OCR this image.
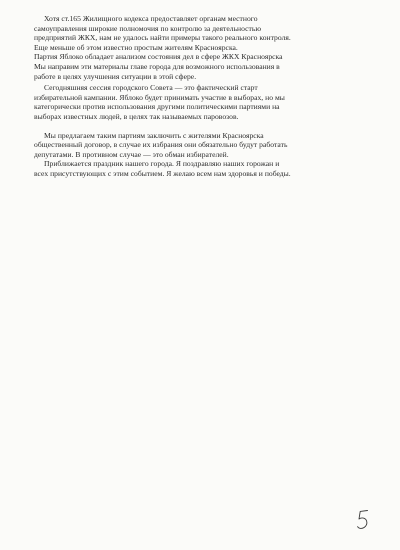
Хотя ст.165 Жилищного кодекса предоставляет органам местного
самоуправления широкие полномочия по контролю за деятельностью
предприятий ЖКХ, нам не удалось найти примеры такого реального контроля.
Еще меньше об этом известно простым жителям Красноярска.
Партия Яблоко обладает анализом состояния дел в сфере ЖКХ Красноярска
Мы направим эти материалы главе города для возможного использования в
работе в целях улучшения ситуации в этой сфере.
Сегодняшняя сессия городского Совета — это фактический старт
избирательной кампании. Яблоко будет принимать участие в выборах, но мы
категорически против использования другими политическими партиями на
выборах известных людей, в целях так называемых паровозов.
Мы предлагаем таким партиям заключить с жителями Красноярска
общественный договор, в случае их избрания они обязательно будут работать
депутатами. В противном случае — это обман избирателей.
Приближается праздник нашего города. Я поздравляю наших горожан и
всех присутствующих с этим событием. Я желаю всем нам здоровья и победы.
